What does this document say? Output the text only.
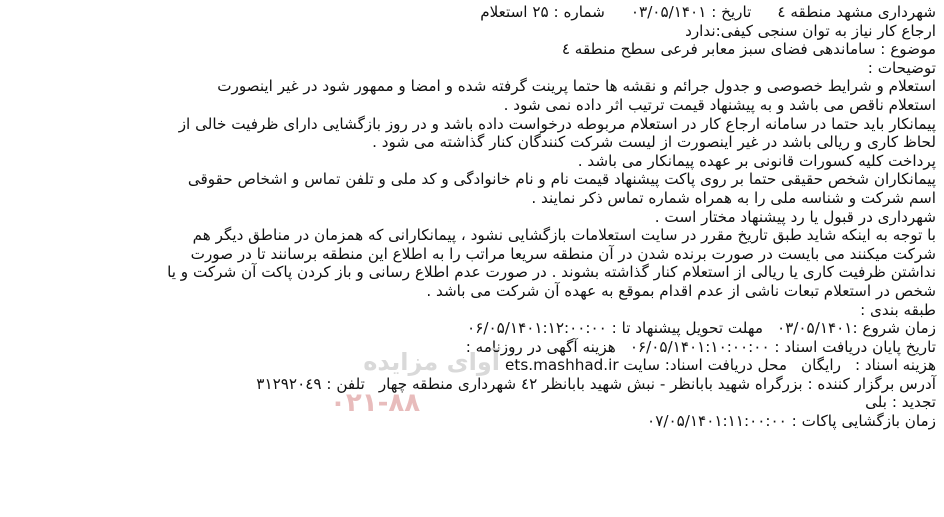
شهرداری مشهد منطقه ٤تاریخ : ۰۳/۰۵/۱۴۰۱شماره : ۲۵ استعلام
ارجاع کار نیاز به توان سنجی کیفی:ندارد
موضوع : ساماندهی فضای سبز معابر فرعی سطح منطقه ٤
توضیحات :
استعلام و شرایط خصوصی و جدول جرائم و نقشه ها حتما پرینت گرفته شده و امضا و ممهور شود در غیر اینصورت
استعلام ناقص می باشد و به پیشنهاد قیمت ترتیب اثر داده نمی شود .
پیمانکار باید حتما در سامانه ارجاع کار در استعلام مربوطه درخواست داده باشد و در روز بازگشایی دارای ظرفیت خالی از
لحاظ کاری و ریالی باشد در غیر اینصورت از لیست شرکت کنندگان کنار گذاشته می شود .
پرداخت کلیه کسورات قانونی بر عهده پیمانکار می باشد .
پیمانکاران شخص حقیقی حتما بر روی پاکت پیشنهاد قیمت نام و نام خانوادگی و کد ملی و تلفن تماس و اشخاص حقوقی
اسم شرکت و شناسه ملی را به همراه شماره تماس ذکر نمایند .
شهرداری در قبول یا رد پیشنهاد مختار است .
با توجه به اینکه شاید طبق تاریخ مقرر در سایت استعلامات بازگشایی نشود ، پیمانکارانی که همزمان در مناطق دیگر هم
شرکت میکنند می بایست در صورت برنده شدن در آن منطقه سریعا مراتب را به اطلاع این منطقه برسانند تا در صورت
نداشتن ظرفیت کاری یا ریالی از استعلام کنار گذاشته بشوند . در صورت عدم اطلاع رسانی و باز کردن پاکت آن شرکت و یا
شخص در استعلام تبعات ناشی از عدم اقدام بموقع به عهده آن شرکت می باشد .
طبقه بندی :
زمان شروع :۰۳/۰۵/۱۴۰۱مهلت تحویل پیشنهاد تا : ۰۶/۰۵/۱۴۰۱:۱۲:۰۰:۰۰
تاریخ پایان دریافت اسناد : ۰۶/۰۵/۱۴۰۱:۱۰:۰۰:۰۰هزینه آگهی در روزنامه :
هزینه اسناد :رایگانمحل دریافت اسناد: سایت ets.mashhad.ir
آدرس برگزار کننده : بزرگراه شهید بابانظر - نبش شهید بابانظر ٤۲ شهرداری منطقه چهارتلفن : ۳۱۲۹۲۰٤۹
تجدید : بلی
زمان بازگشایی پاکات : ۰۷/۰۵/۱۴۰۱:۱۱:۰۰:۰۰
آوای مزایده
۰۲۱-۸۸
